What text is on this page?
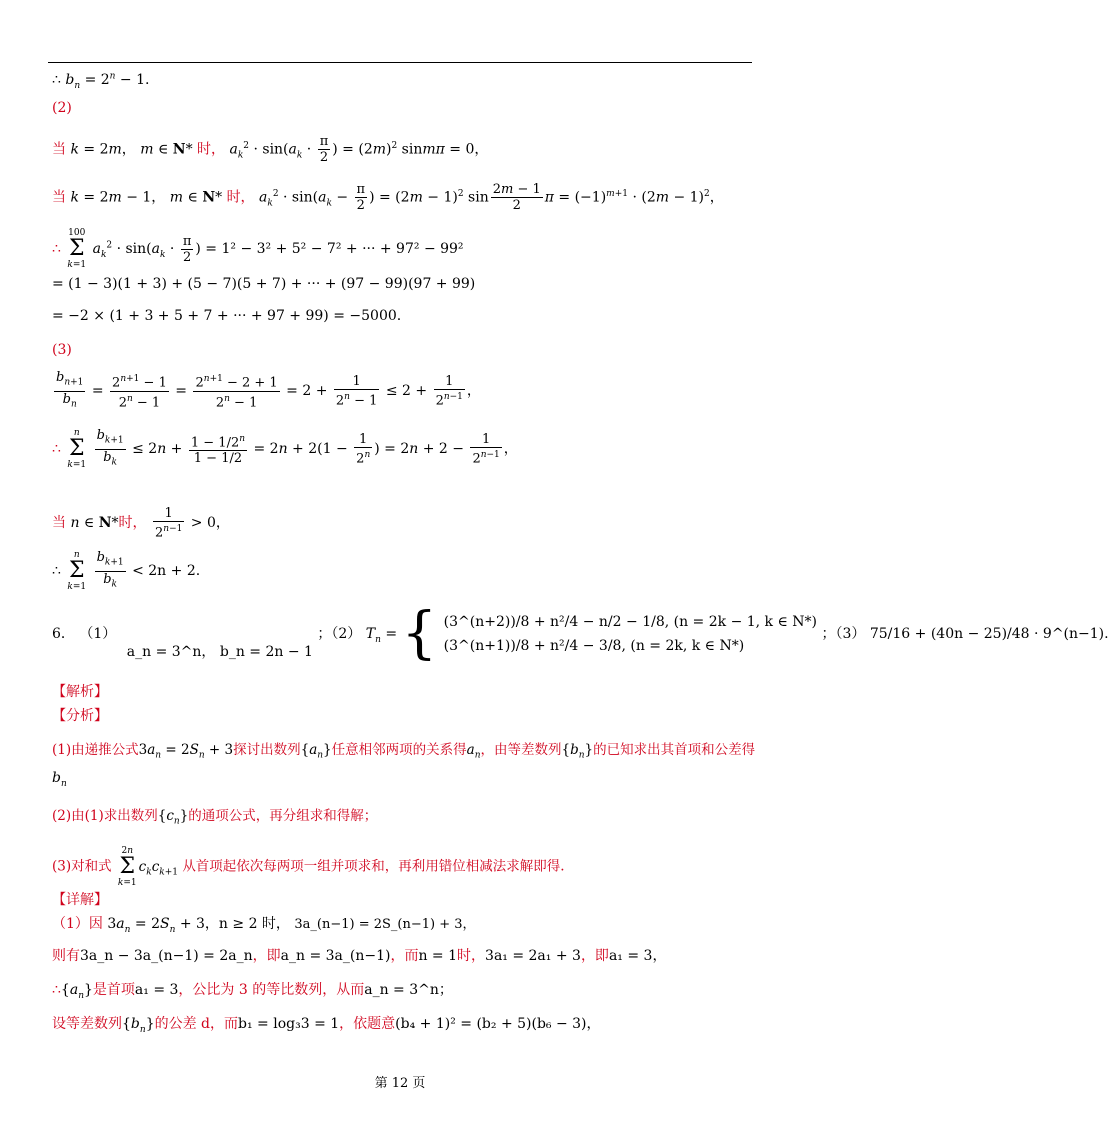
∴ $b_n = 2^n - 1$.
(2)
当 k = 2m， m ∈ N* 时， $a_k^2 \cdot \sin(a_k \cdot \frac{\pi}{2}$ ) = $(2m)^2$ sinmπ = 0，
当 k = 2m − 1， m ∈ N* 时， $a_k^2 \cdot \sin(a_k - \frac{\pi}{2}$ ) = $(2m - 1)^2$ $\sin \frac{2m - 1}{2}$ $\pi = (-1)^{m+1} \cdot (2m - 1)^2$，
∴
100
Σ
k=1
$a_k^2 \cdot \sin(a_k \cdot \frac{\pi}{2}$ ) = 1² − 3² + 5² − 7² + ··· + 97² − 99²
= (1 − 3)(1 + 3) + (5 − 7)(5 + 7) + ··· + (97 − 99)(97 + 99)
= −2 × (1 + 3 + 5 + 7 + ··· + 97 + 99) = −5000.
(3)
$\frac{b_{n+1}}{b_n} = \frac{2^{n+1} - 1}{2^n - 1} = \frac{2^{n+1} - 2 + 1}{2^n - 1} = 2 + \frac{1}{2^n - 1} \le 2 + \frac{1}{2^{n-1}}$ ，
∴
n
Σ
k=1
$\frac{b_{k+1}}{b_k} \le 2n + \frac{1 - 1/2^n}{1 - 1/2} = 2n + 2(1 - \frac{1}{2^n}$ ) = $2n + 2 - \frac{1}{2^{n-1}}$ ，
当 n ∈ N*时， $\frac{1}{2^{n-1}} > 0$，
∴
n
Σ
k=1
$\frac{b_{k+1}}{b_k} < 2n + 2$.
6． （1） a_n = 3^n， b_n = 2n − 1 ；（2） $T_n$ = { (3^(n+2))/8 + n²/4 − n/2 − 1/8, (n = 2k − 1, k ∈ N*)
(3^(n+1))/8 + n²/4 − 3/8, (n = 2k, k ∈ N*)
；（3） 75/16 + (40n − 25)/48 · 9^(n−1).
【解析】
【分析】
(1)由递推公式$3a_n = 2S_n + 3$探讨出数列$\{a_n\}$任意相邻两项的关系得$a_n$，由等差数列$\{b_n\}$的已知求出其首项和公差得
$b_n$
(2)由(1)求出数列$\{c_n\}$的通项公式，再分组求和得解；
(3)对和式
2n
Σ
k=1
$c_kc_{k+1}$ 从首项起依次每两项一组并项求和，再利用错位相减法求解即得.
【详解】
（1）因 $3a_n = 2S_n + 3$，n ≥ 2 时， 3a_(n−1) = 2S_(n−1) + 3，
则有3a_n − 3a_(n−1) = 2a_n，即a_n = 3a_(n−1)，而n = 1时，3a₁ = 2a₁ + 3，即a₁ = 3，
$\therefore\{a_n\}$是首项a₁ = 3，公比为 3 的等比数列，从而a_n = 3^n；
设等差数列$\{b_n\}$的公差 d，而b₁ = log₃3 = 1，依题意(b₄ + 1)² = (b₂ + 5)(b₆ − 3)，
第 12 页
